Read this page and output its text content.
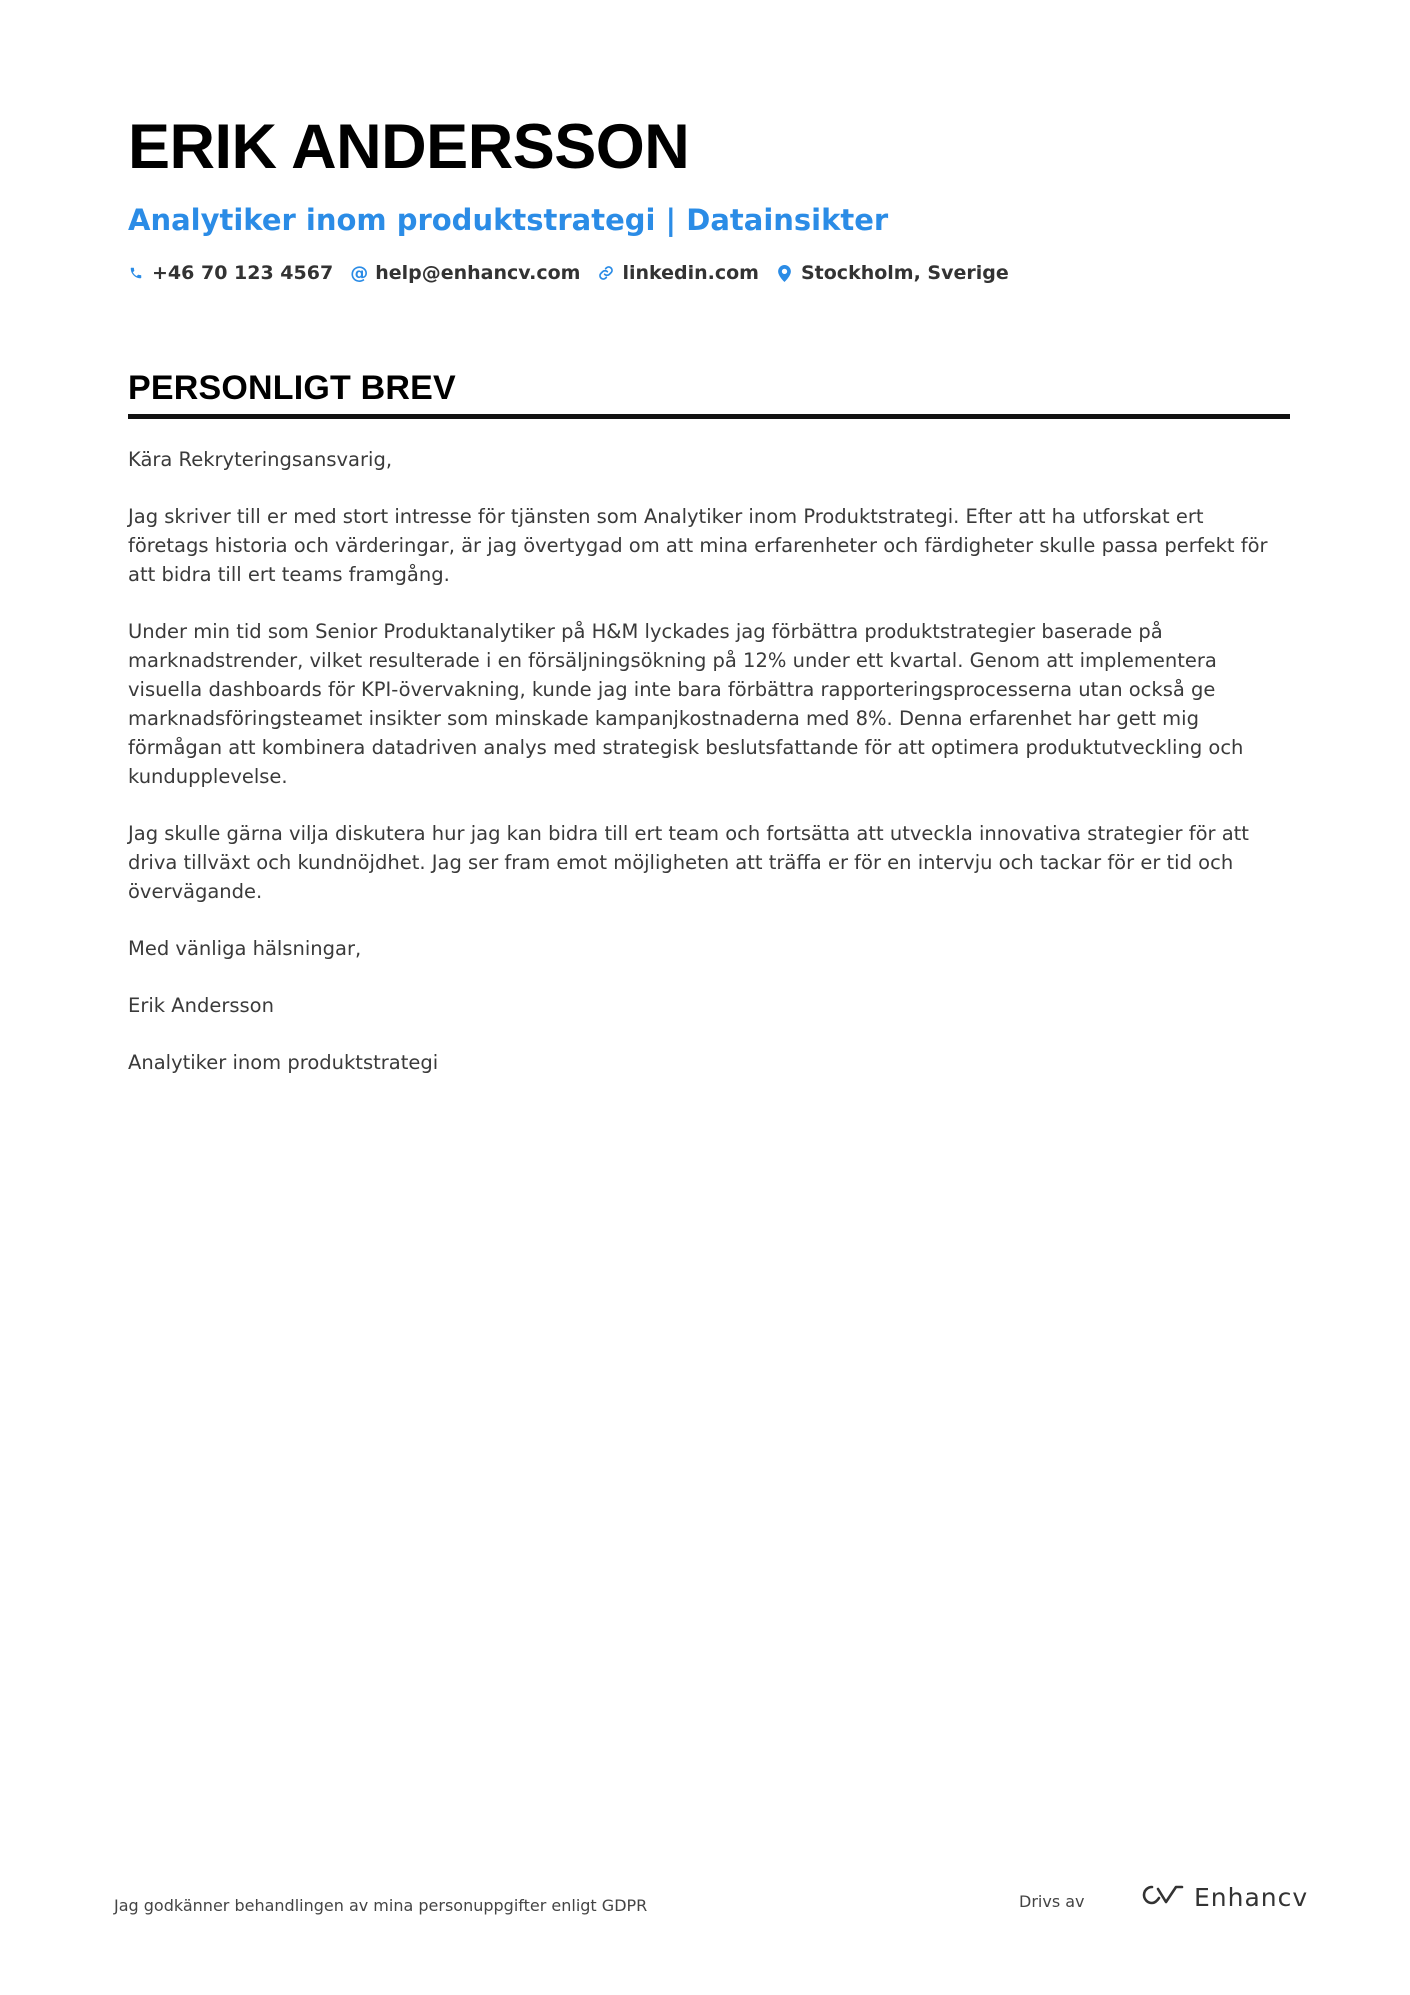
ERIK ANDERSSON
Analytiker inom produktstrategi | Datainsikter
+46 70 123 4567 @ help@enhancv.com linkedin.com Stockholm, Sverige
PERSONLIGT BREV

Kära Rekryteringsansvarig,

Jag skriver till er med stort intresse för tjänsten som Analytiker inom Produktstrategi. Efter att ha utforskat ert företags historia och värderingar, är jag övertygad om att mina erfarenheter och färdigheter skulle passa perfekt för att bidra till ert teams framgång.

Under min tid som Senior Produktanalytiker på H&M lyckades jag förbättra produktstrategier baserade på marknadstrender, vilket resulterade i en försäljningsökning på 12% under ett kvartal. Genom att implementera visuella dashboards för KPI-övervakning, kunde jag inte bara förbättra rapporteringsprocesserna utan också ge marknadsföringsteamet insikter som minskade kampanjkostnaderna med 8%. Denna erfarenhet har gett mig förmågan att kombinera datadriven analys med strategisk beslutsfattande för att optimera produktutveckling och kundupplevelse.

Jag skulle gärna vilja diskutera hur jag kan bidra till ert team och fortsätta att utveckla innovativa strategier för att driva tillväxt och kundnöjdhet. Jag ser fram emot möjligheten att träffa er för en intervju och tackar för er tid och övervägande.

Med vänliga hälsningar,

Erik Andersson

Analytiker inom produktstrategi

Jag godkänner behandlingen av mina personuppgifter enligt GDPR	Drivs av	Enhancv
